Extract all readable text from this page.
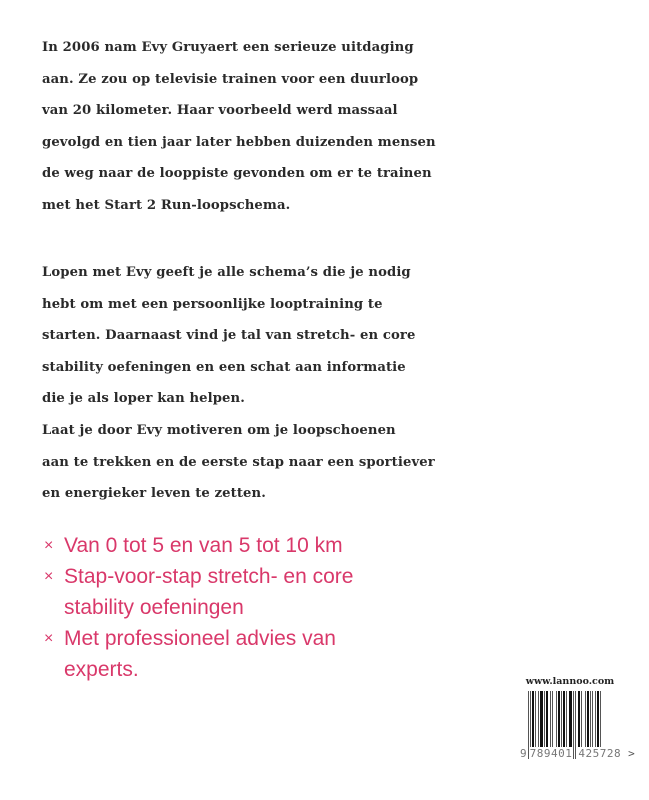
In 2006 nam Evy Gruyaert een serieuze uitdaging
aan. Ze zou op televisie trainen voor een duurloop
van 20 kilometer. Haar voorbeeld werd massaal
gevolgd en tien jaar later hebben duizenden mensen
de weg naar de looppiste gevonden om er te trainen
met het Start 2 Run-loopschema.
Lopen met Evy geeft je alle schema’s die je nodig
hebt om met een persoonlijke looptraining te
starten. Daarnaast vind je tal van stretch- en core
stability oefeningen en een schat aan informatie
die je als loper kan helpen.
Laat je door Evy motiveren om je loopschoenen
aan te trekken en de eerste stap naar een sportiever
en energieker leven te zetten.
× Van 0 tot 5 en van 5 tot 10 km
× Stap-voor-stap stretch- en core
stability oefeningen
× Met professioneel advies van
experts.
www.lannoo.com
9 789401 425728 >
